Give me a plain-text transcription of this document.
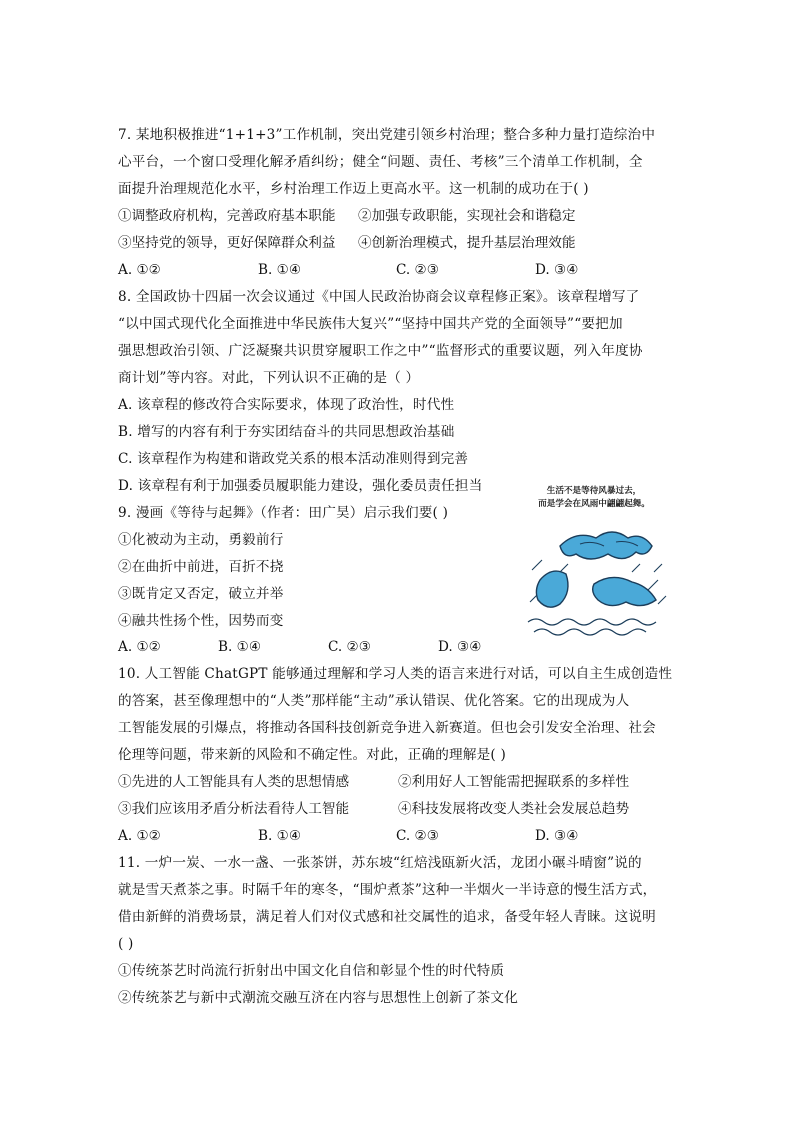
7. 某地积极推进“1+1+3”工作机制，突出党建引领乡村治理；整合多种力量打造综治中
心平台，一个窗口受理化解矛盾纠纷；健全“问题、责任、考核”三个清单工作机制，全
面提升治理规范化水平，乡村治理工作迈上更高水平。这一机制的成功在于( )
①调整政府机构，完善政府基本职能 ②加强专政职能，实现社会和谐稳定
③坚持党的领导，更好保障群众利益 ④创新治理模式，提升基层治理效能
A. ①②	B. ①④	C. ②③	D. ③④
8. 全国政协十四届一次会议通过《中国人民政治协商会议章程修正案》。该章程增写了
“以中国式现代化全面推进中华民族伟大复兴”“坚持中国共产党的全面领导”“要把加
强思想政治引领、广泛凝聚共识贯穿履职工作之中”“监督形式的重要议题，列入年度协
商计划”等内容。对此，下列认识不正确的是（ ）
A. 该章程的修改符合实际要求，体现了政治性，时代性
B. 增写的内容有利于夯实团结奋斗的共同思想政治基础
C. 该章程作为构建和谐政党关系的根本活动准则得到完善
D. 该章程有利于加强委员履职能力建设，强化委员责任担当
9. 漫画《等待与起舞》（作者：田广昊）启示我们要( )
①化被动为主动，勇毅前行
②在曲折中前进，百折不挠
③既肯定又否定，破立并举
④融共性扬个性，因势而变
A. ①②	B. ①④	C. ②③	D. ③④
生活不是等待风暴过去，
而是学会在风雨中翩翩起舞。
10. 人工智能 ChatGPT 能够通过理解和学习人类的语言来进行对话，可以自主生成创造性
的答案，甚至像理想中的“人类”那样能“主动”承认错误、优化答案。它的出现成为人
工智能发展的引爆点，将推动各国科技创新竞争进入新赛道。但也会引发安全治理、社会
伦理等问题，带来新的风险和不确定性。对此，正确的理解是( )
①先进的人工智能具有人类的思想情感	②利用好人工智能需把握联系的多样性
③我们应该用矛盾分析法看待人工智能	④科技发展将改变人类社会发展总趋势
A. ①②	B. ①④	C. ②③	D. ③④
11. 一炉一炭、一水一盏、一张茶饼，苏东坡“红焙浅瓯新火活，龙团小碾斗晴窗”说的
就是雪天煮茶之事。时隔千年的寒冬，“围炉煮茶”这种一半烟火一半诗意的慢生活方式，
借由新鲜的消费场景，满足着人们对仪式感和社交属性的追求，备受年轻人青睐。这说明
( )
①传统茶艺时尚流行折射出中国文化自信和彰显个性的时代特质
②传统茶艺与新中式潮流交融互济在内容与思想性上创新了茶文化
